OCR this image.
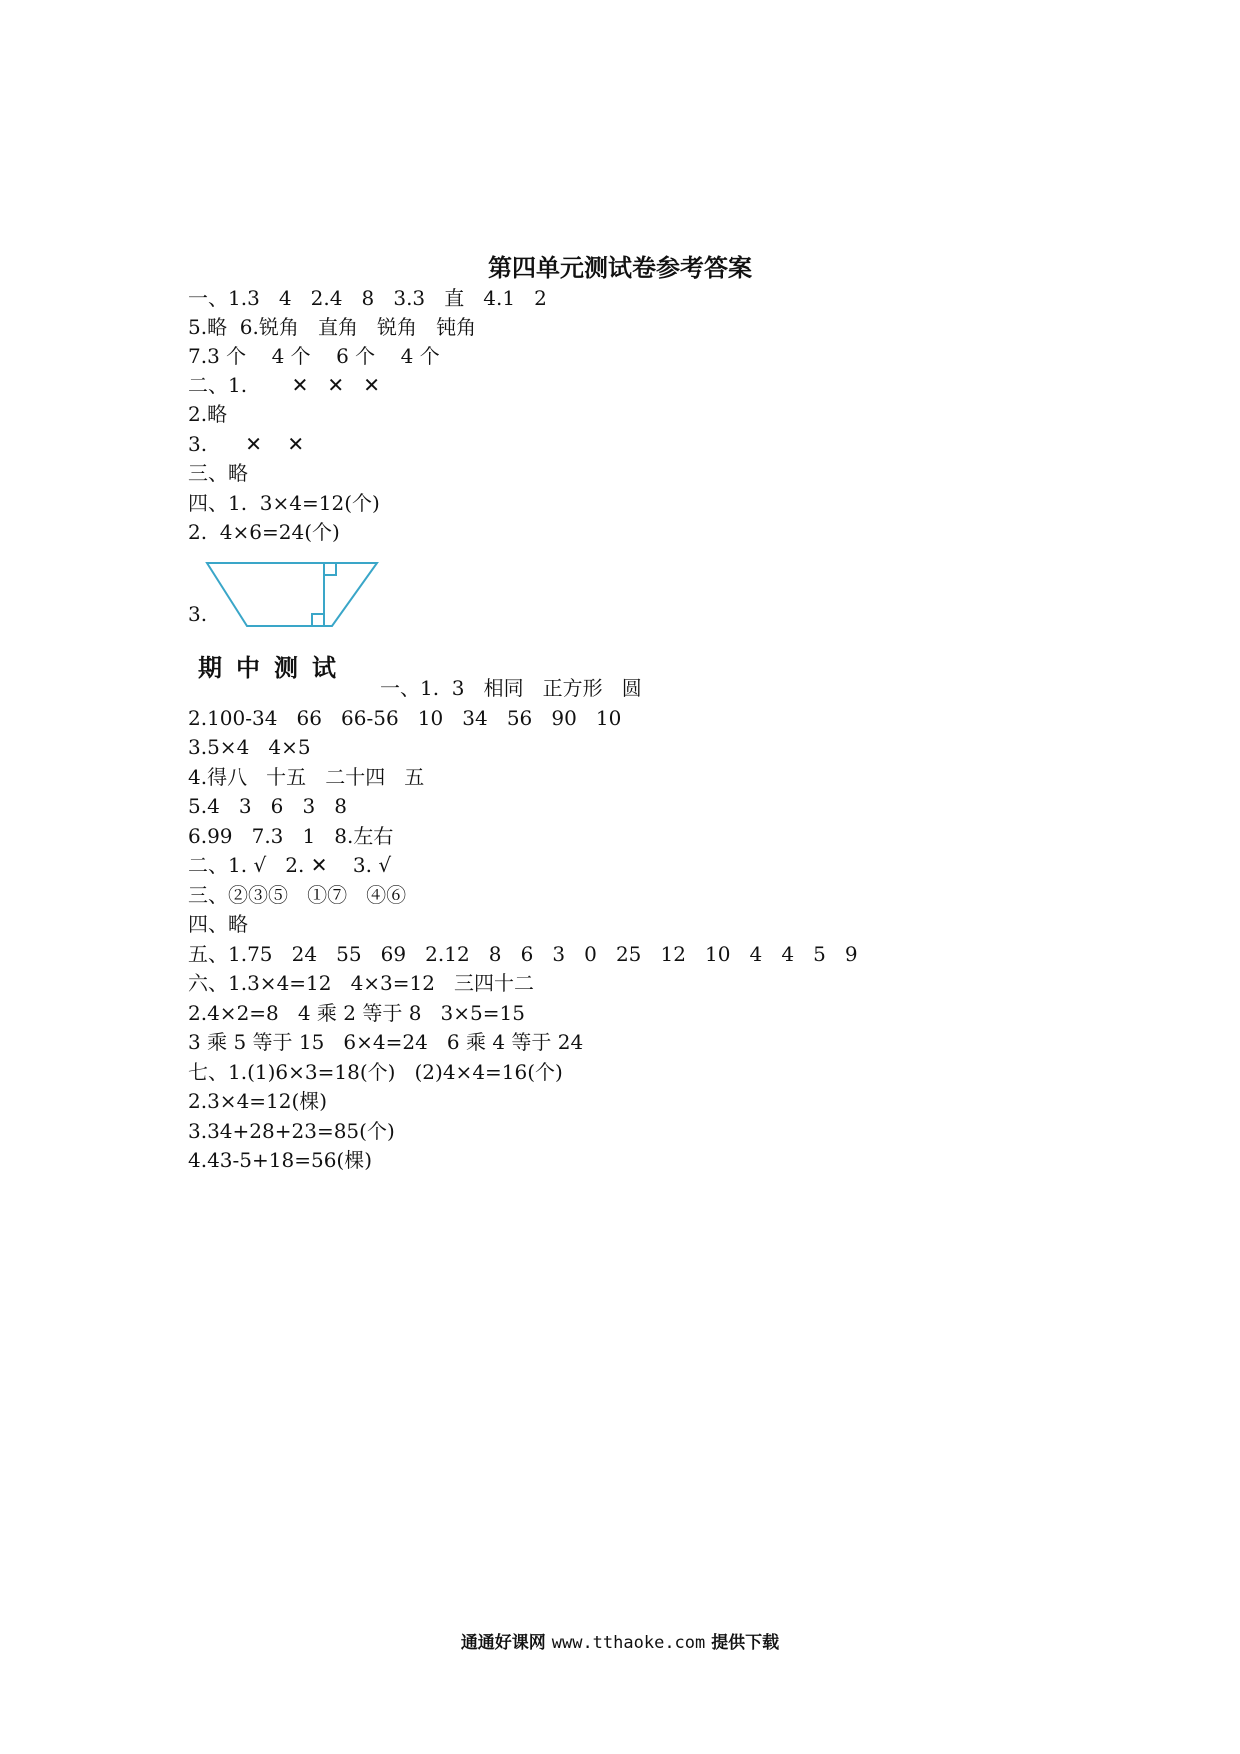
第四单元测试卷参考答案
一、1.3   4   2.4   8   3.3   直   4.1   2
5.略  6.锐角   直角   锐角   钝角
7.3 个    4 个    6 个    4 个
二、1.       ✕   ✕   ✕
2.略
3.      ✕    ✕
三、略
四、1.  3×4=12(个)
2.  4×6=24(个)
3.
期中测试
一、1.  3   相同   正方形   圆
2.100-34   66   66-56   10   34   56   90   10
3.5×4   4×5
4.得八   十五   二十四   五
5.4   3   6   3   8
6.99   7.3   1   8.左右
二、1. √   2. ✕    3. √
三、②③⑤   ①⑦   ④⑥
四、略
五、1.75   24   55   69   2.12   8   6   3   0   25   12   10   4   4   5   9
六、1.3×4=12   4×3=12   三四十二
2.4×2=8   4 乘 2 等于 8   3×5=15
3 乘 5 等于 15   6×4=24   6 乘 4 等于 24
七、1.(1)6×3=18(个)   (2)4×4=16(个)
2.3×4=12(棵)
3.34+28+23=85(个)
4.43-5+18=56(棵)
通通好课网 www.tthaoke.com 提供下载
